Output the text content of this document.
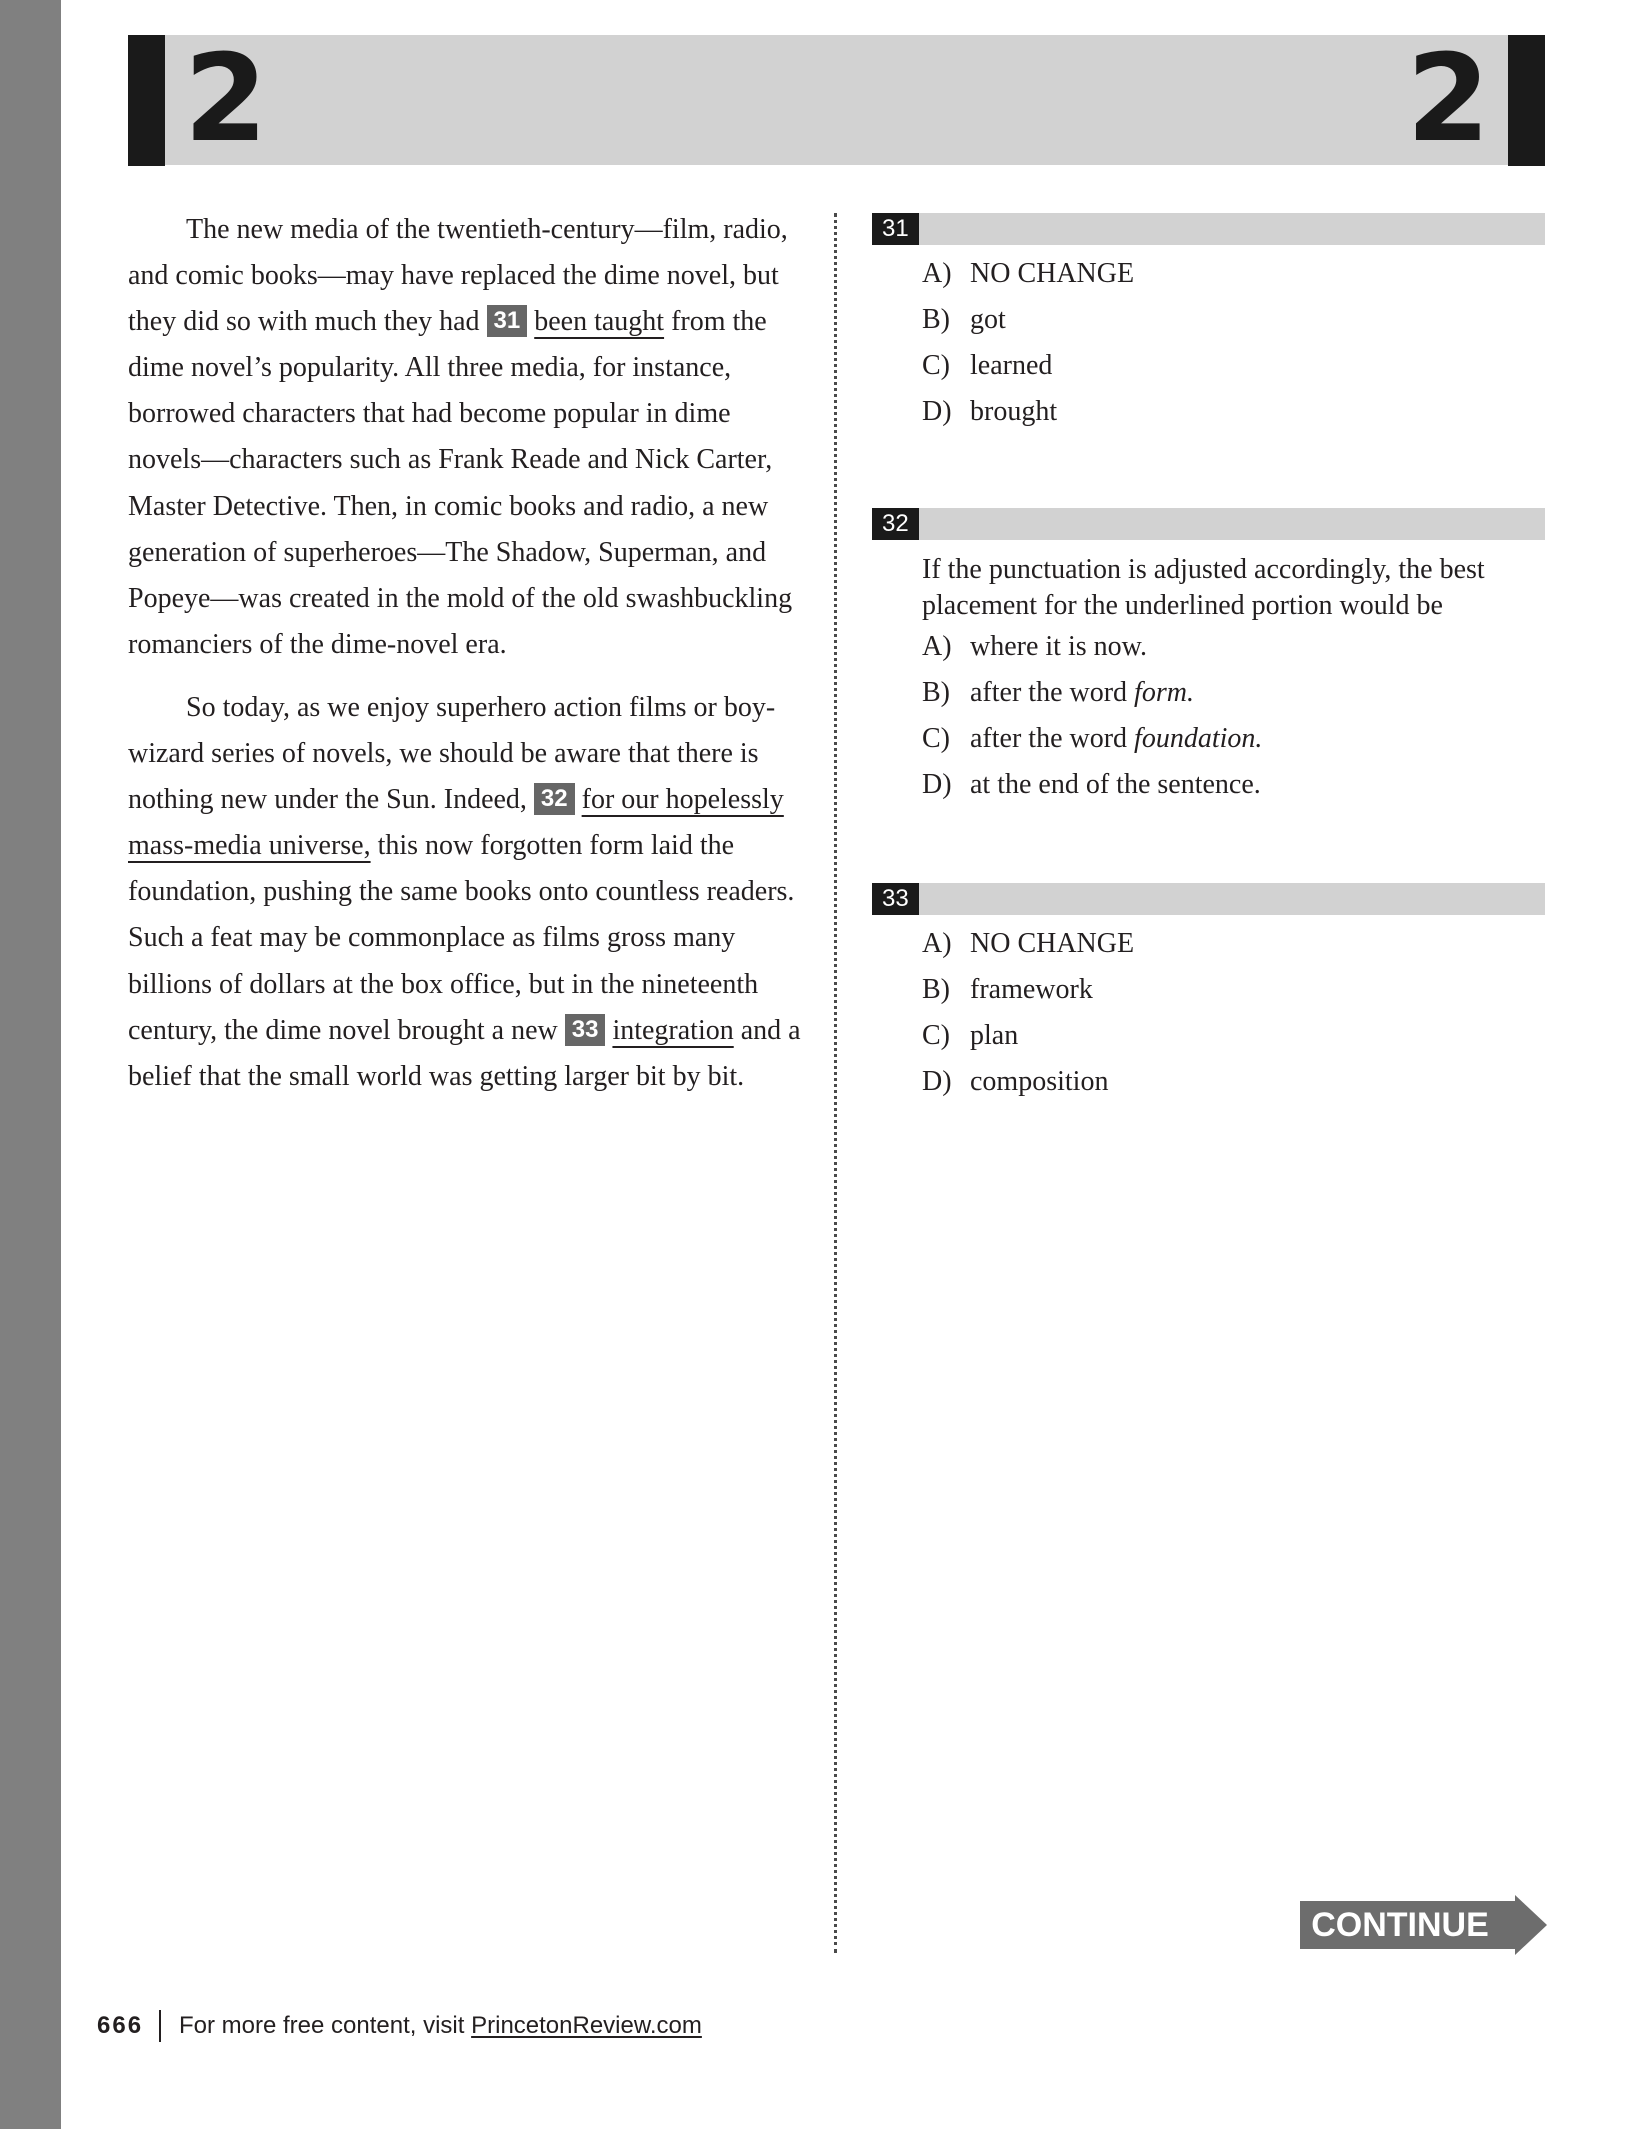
2	2

The new media of the twentieth-century—film, radio, and comic books—may have replaced the dime novel, but they did so with much they had 31 been taught from the dime novel’s popularity. All three media, for instance, borrowed characters that had become popular in dime novels—characters such as Frank Reade and Nick Carter, Master Detective. Then, in comic books and radio, a new generation of superheroes—The Shadow, Superman, and Popeye—was created in the mold of the old swashbuckling romanciers of the dime-novel era.

So today, as we enjoy superhero action films or boy-wizard series of novels, we should be aware that there is nothing new under the Sun. Indeed, 32 for our hopelessly mass-media universe, this now forgotten form laid the foundation, pushing the same books onto countless readers. Such a feat may be commonplace as films gross many billions of dollars at the box office, but in the nineteenth century, the dime novel brought a new 33 integration and a belief that the small world was getting larger bit by bit.

31
A) NO CHANGE
B) got
C) learned
D) brought
32
If the punctuation is adjusted accordingly, the best placement for the underlined portion would be
A) where it is now.
B) after the word form.
C) after the word foundation.
D) at the end of the sentence.
33
A) NO CHANGE
B) framework
C) plan
D) composition
CONTINUE
666 For more free content, visit PrincetonReview.com
